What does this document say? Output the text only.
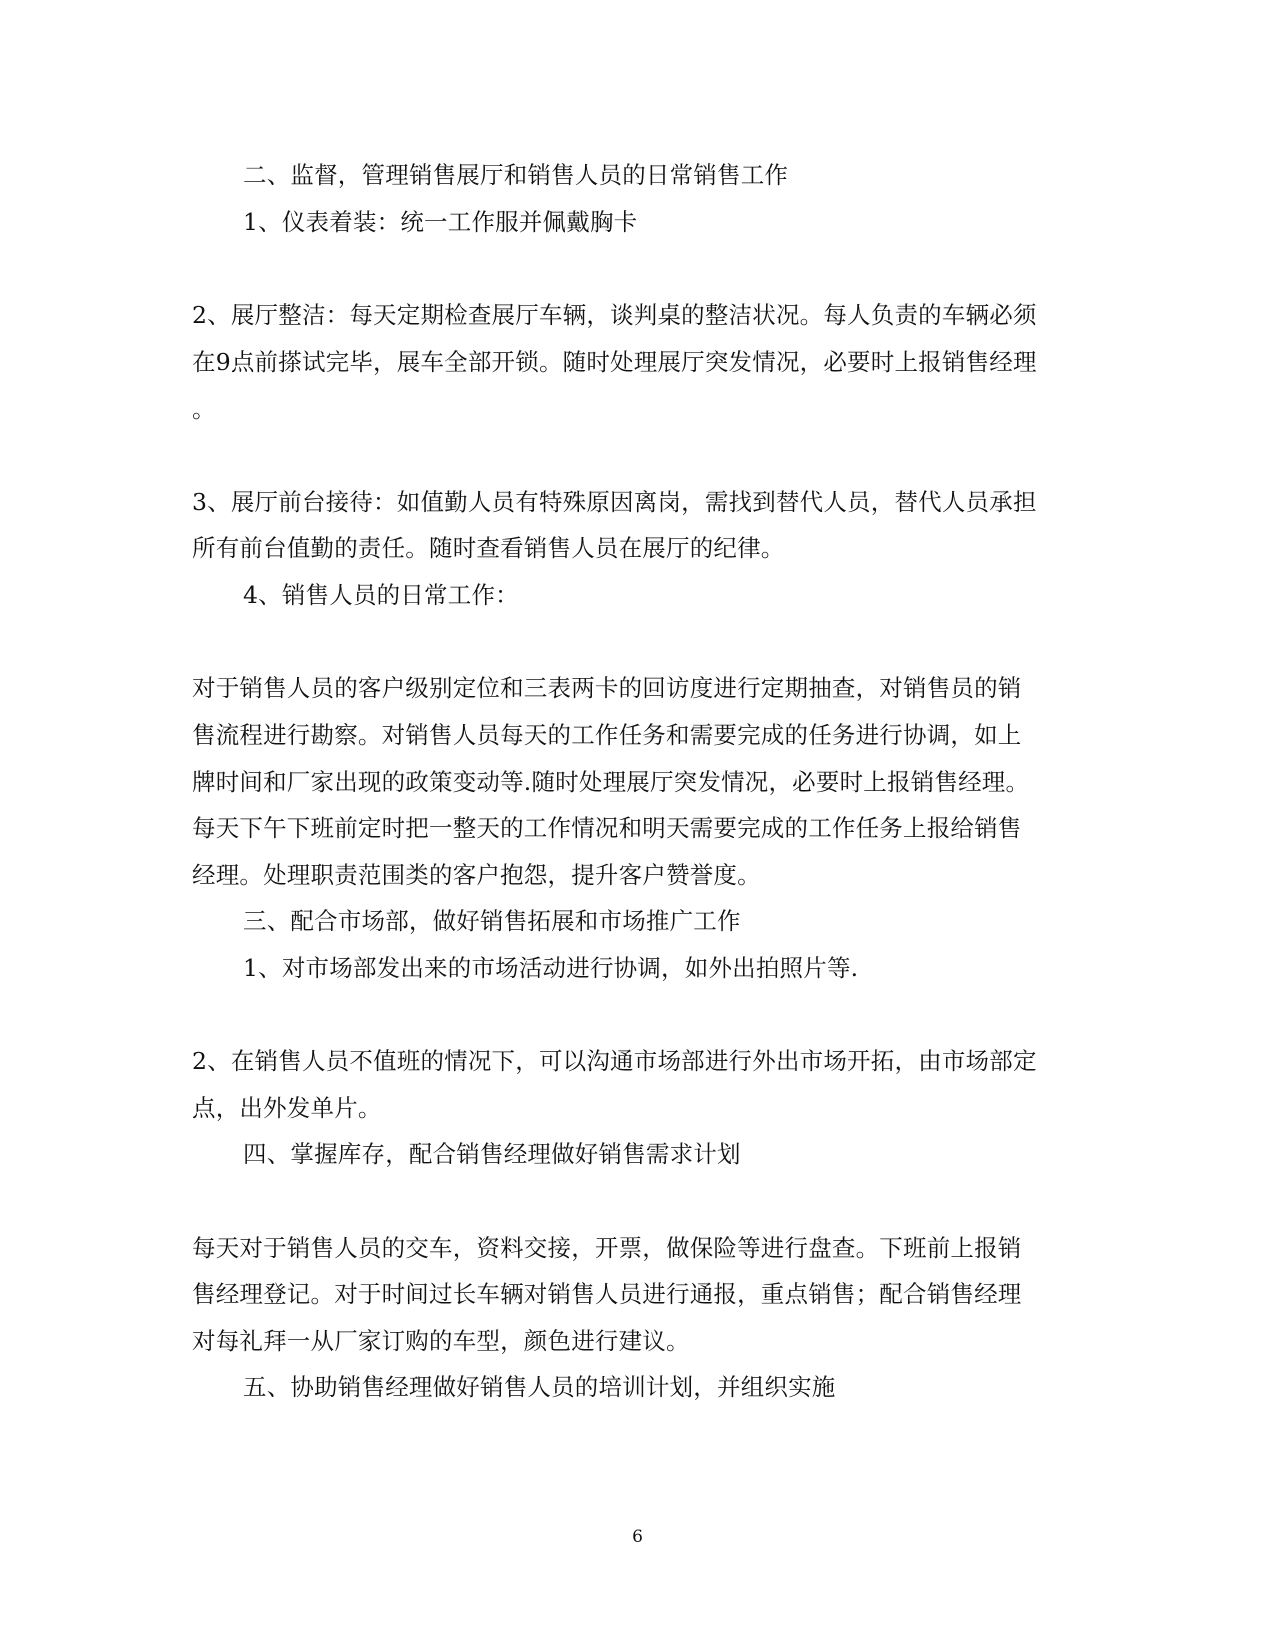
二、监督，管理销售展厅和销售人员的日常销售工作
1、仪表着装：统一工作服并佩戴胸卡
2、展厅整洁：每天定期检查展厅车辆，谈判桌的整洁状况。每人负责的车辆必须
在9点前搽试完毕，展车全部开锁。随时处理展厅突发情况，必要时上报销售经理
。
3、展厅前台接待：如值勤人员有特殊原因离岗，需找到替代人员，替代人员承担
所有前台值勤的责任。随时查看销售人员在展厅的纪律。
4、销售人员的日常工作：
对于销售人员的客户级别定位和三表两卡的回访度进行定期抽查，对销售员的销
售流程进行勘察。对销售人员每天的工作任务和需要完成的任务进行协调，如上
牌时间和厂家出现的政策变动等.随时处理展厅突发情况，必要时上报销售经理。
每天下午下班前定时把一整天的工作情况和明天需要完成的工作任务上报给销售
经理。处理职责范围类的客户抱怨，提升客户赞誉度。
三、配合市场部，做好销售拓展和市场推广工作
1、对市场部发出来的市场活动进行协调，如外出拍照片等.
2、在销售人员不值班的情况下，可以沟通市场部进行外出市场开拓，由市场部定
点，出外发单片。
四、掌握库存，配合销售经理做好销售需求计划
每天对于销售人员的交车，资料交接，开票，做保险等进行盘查。下班前上报销
售经理登记。对于时间过长车辆对销售人员进行通报，重点销售；配合销售经理
对每礼拜一从厂家订购的车型，颜色进行建议。
五、协助销售经理做好销售人员的培训计划，并组织实施
6
